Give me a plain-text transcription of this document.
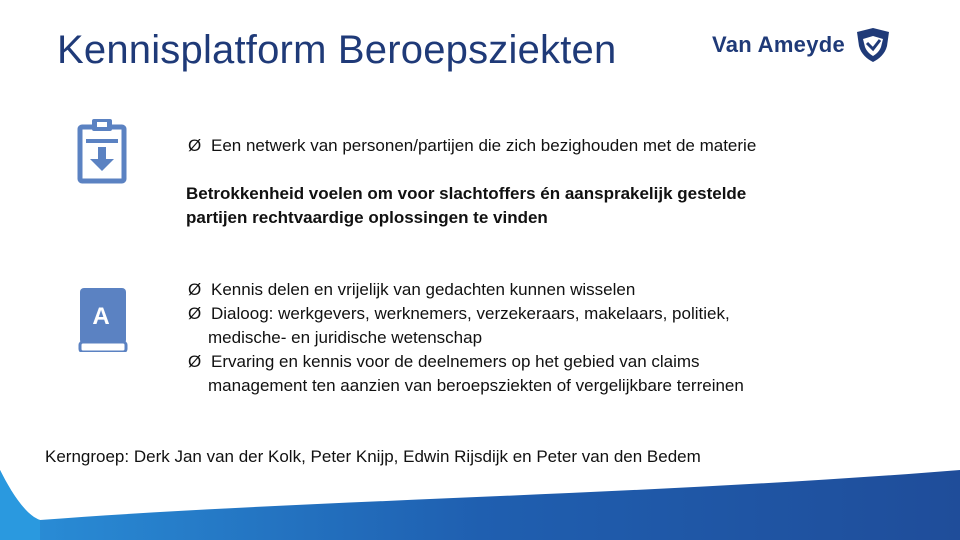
Kennisplatform Beroepsziekten	Van Ameyde
Ø Een netwerk van personen/partijen die zich bezighouden met de materie
Betrokkenheid voelen om voor slachtoffers én aansprakelijk gestelde
partijen rechtvaardige oplossingen te vinden
A
Ø Kennis delen en vrijelijk van gedachten kunnen wisselen
Ø Dialoog: werkgevers, werknemers, verzekeraars, makelaars, politiek,
medische- en juridische wetenschap
Ø Ervaring en kennis voor de deelnemers op het gebied van claims
management ten aanzien van beroepsziekten of vergelijkbare terreinen
Kerngroep: Derk Jan van der Kolk, Peter Knijp, Edwin Rijsdijk en Peter van den Bedem
